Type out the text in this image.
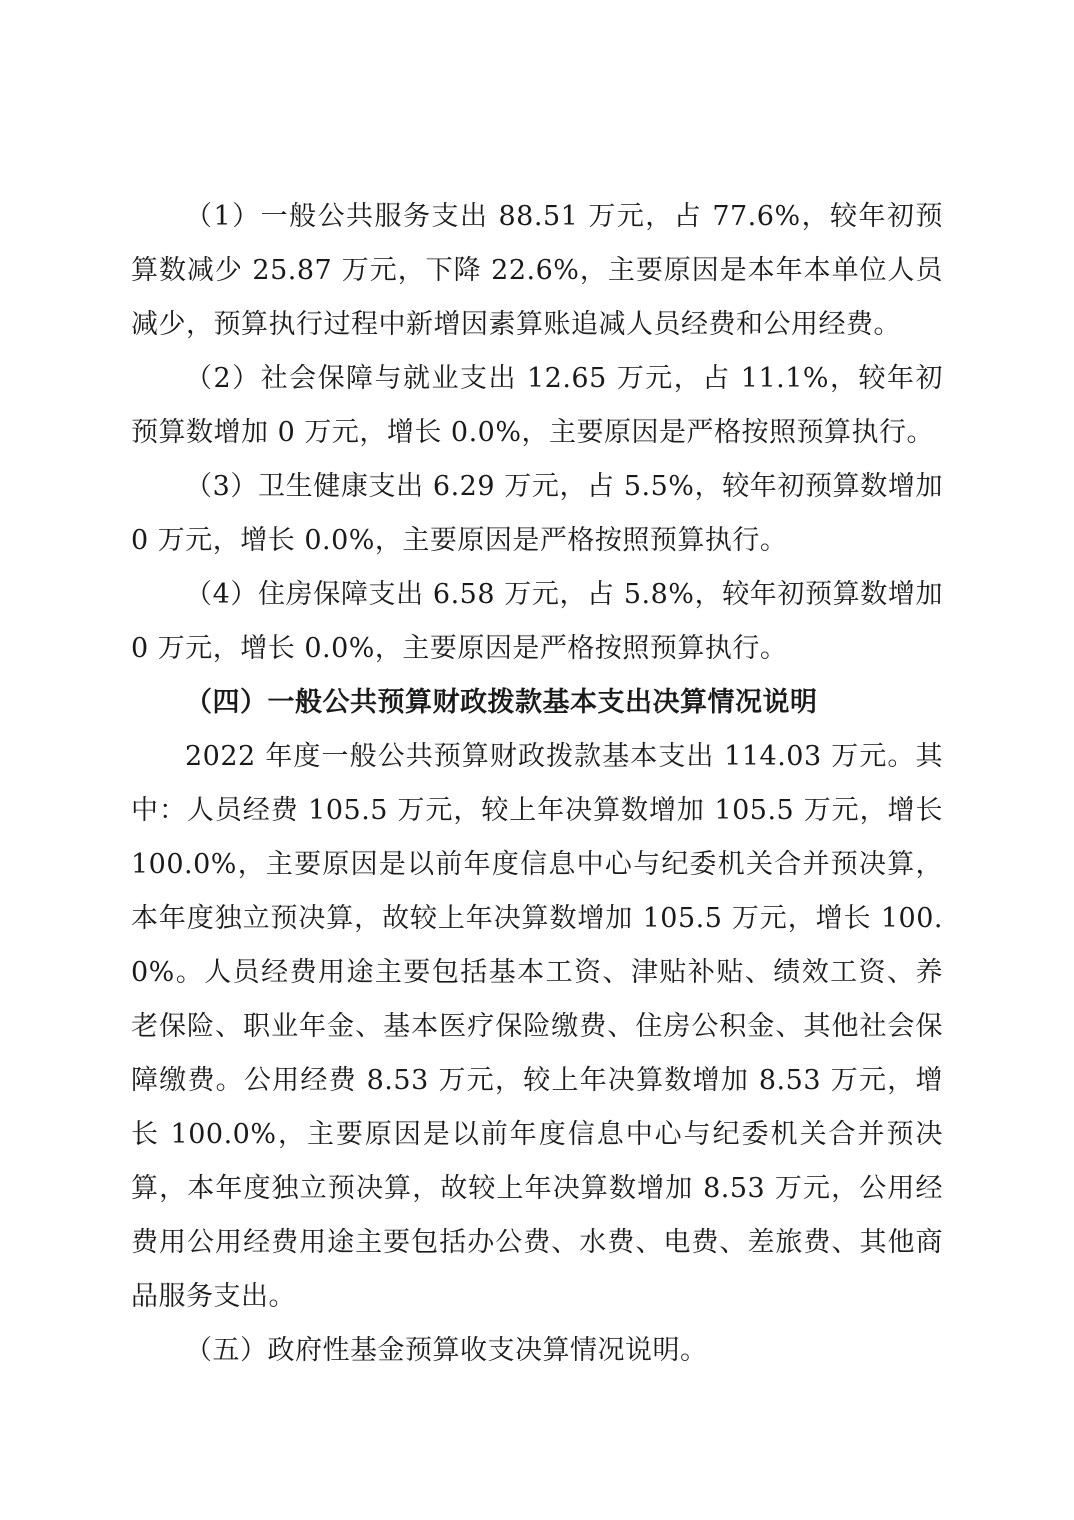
（1）一般公共服务支出 88.51 万元，占 77.6%，较年初预算数减少 25.87 万元，下降 22.6%，主要原因是本年本单位人员减少，预算执行过程中新增因素算账追减人员经费和公用经费。

（2）社会保障与就业支出 12.65 万元，占 11.1%，较年初预算数增加 0 万元，增长 0.0%，主要原因是严格按照预算执行。

（3）卫生健康支出 6.29 万元，占 5.5%，较年初预算数增加 0 万元，增长 0.0%，主要原因是严格按照预算执行。

（4）住房保障支出 6.58 万元，占 5.8%，较年初预算数增加 0 万元，增长 0.0%，主要原因是严格按照预算执行。

（四）一般公共预算财政拨款基本支出决算情况说明

2022 年度一般公共预算财政拨款基本支出 114.03 万元。其中：人员经费 105.5 万元，较上年决算数增加 105.5 万元，增长 100.0%，主要原因是以前年度信息中心与纪委机关合并预决算，本年度独立预决算，故较上年决算数增加 105.5 万元，增长 100.0%。人员经费用途主要包括基本工资、津贴补贴、绩效工资、养老保险、职业年金、基本医疗保险缴费、住房公积金、其他社会保障缴费。公用经费 8.53 万元，较上年决算数增加 8.53 万元，增长 100.0%，主要原因是以前年度信息中心与纪委机关合并预决算，本年度独立预决算，故较上年决算数增加 8.53 万元，公用经费用公用经费用途主要包括办公费、水费、电费、差旅费、其他商品服务支出。

（五）政府性基金预算收支决算情况说明。
